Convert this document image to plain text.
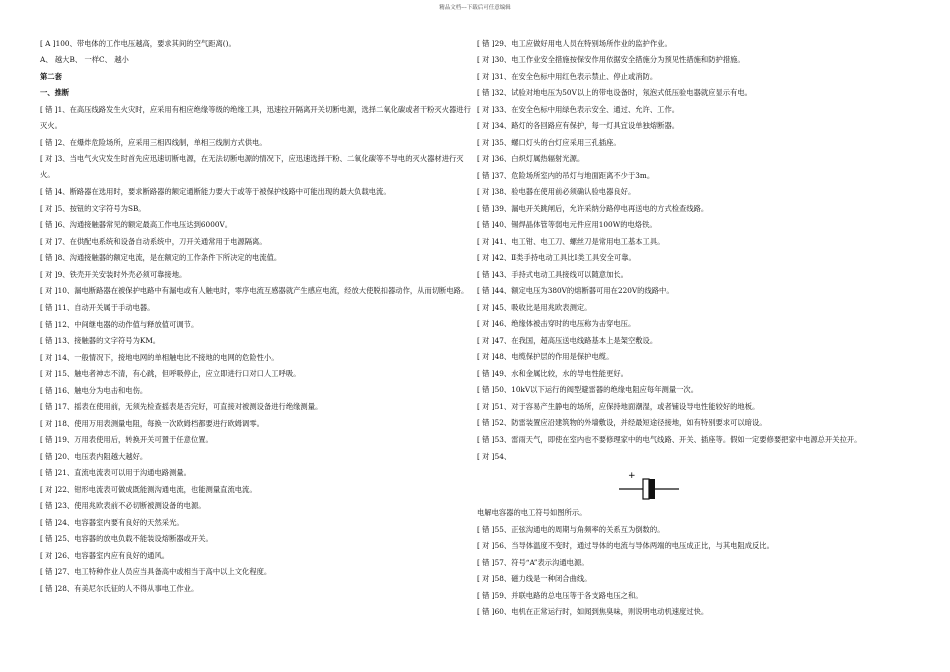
精品文档---下载后可任意编辑
[ A ]100、带电体的工作电压越高，要求其间的空气距离()。
A、 越大B、 一样C、 越小
第二套
一、推断
[ 错 ]1、在高压线路发生火灾时，应采用有相应绝缘等级的绝缘工具，迅速拉开隔离开关切断电源，选择二氧化碳或者干粉灭火器进行灭火。
[ 错 ]2、在爆炸危险场所，应采用三相四线制，单相三线制方式供电。
[ 对 ]3、当电气火灾发生时首先应迅速切断电源，在无法切断电源的情况下，应迅速选择干粉、二氧化碳等不导电的灭火器材进行灭火。
[ 错 ]4、断路器在选用时，要求断路器的额定通断能力要大于或等于被保护线路中可能出现的最大负载电流。
[ 对 ]5、按钮的文字符号为SB。
[ 错 ]6、沟通接触器常见的额定最高工作电压达到6000V。
[ 对 ]7、在供配电系统和设备自动系统中，刀开关通常用于电源隔离。
[ 错 ]8、沟通接触器的额定电流，是在额定的工作条件下所决定的电流值。
[ 对 ]9、铁壳开关安装时外壳必须可靠接地。
[ 对 ]10、漏电断路器在被保护电路中有漏电或有人触电时，零序电流互感器就产生感应电流，经放大使脱扣器动作，从而切断电路。
[ 错 ]11、自动开关属于手动电器。
[ 错 ]12、中间继电器的动作值与释放值可调节。
[ 错 ]13、接触器的文字符号为KM。
[ 对 ]14、一般情况下，接地电网的单相触电比不接地的电网的危险性小。
[ 对 ]15、触电者神志不清，有心跳，但呼吸停止，应立即进行口对口人工呼吸。
[ 错 ]16、触电分为电击和电伤。
[ 错 ]17、摇表在使用前，无须先检查摇表是否完好，可直接对被测设备进行绝缘测量。
[ 对 ]18、使用万用表测量电阻，每换一次欧姆档都要进行欧姆调零。
[ 错 ]19、万用表使用后，转换开关可置于任意位置。
[ 错 ]20、电压表内阻越大越好。
[ 错 ]21、直流电流表可以用于沟通电路测量。
[ 对 ]22、钳形电流表可做成既能测沟通电流，也能测量直流电流。
[ 错 ]23、使用兆欧表前不必切断被测设备的电源。
[ 错 ]24、电容器室内要有良好的天然采光。
[ 错 ]25、电容器的放电负载不能装设熔断器或开关。
[ 对 ]26、电容器室内应有良好的通风。
[ 错 ]27、电工特种作业人员应当具备高中或相当于高中以上文化程度。
[ 错 ]28、有美尼尔氏征的人不得从事电工作业。
[ 错 ]29、电工应做好用电人员在特别场所作业的监护作业。
[ 对 ]30、电工作业安全措施按保安作用依据安全措施分为预见性措施和防护措施。
[ 对 ]31、在安全色标中用红色表示禁止、停止或消防。
[ 错 ]32、试验对地电压为50V以上的带电设备时，氖泡式低压验电器就应显示有电。
[ 对 ]33、在安全色标中用绿色表示安全、通过、允许、工作。
[ 对 ]34、路灯的各回路应有保护，每一灯具宜设单独熔断器。
[ 对 ]35、螺口灯头的台灯应采用三孔插座。
[ 对 ]36、白炽灯属热辐射光源。
[ 错 ]37、危险场所室内的吊灯与地面距离不少于3m。
[ 对 ]38、验电器在使用前必须确认验电器良好。
[ 错 ]39、漏电开关跳闸后，允许采纳分路停电再送电的方式检查线路。
[ 错 ]40、锡焊晶体管等弱电元件应用100W的电烙铁。
[ 对 ]41、电工钳、电工刀、螺丝刀是常用电工基本工具。
[ 对 ]42、Ⅱ类手持电动工具比Ⅰ类工具安全可靠。
[ 错 ]43、手持式电动工具接线可以随意加长。
[ 错 ]44、额定电压为380V的熔断器可用在220V的线路中。
[ 对 ]45、吸收比是用兆欧表测定。
[ 对 ]46、绝缘体被击穿时的电压称为击穿电压。
[ 对 ]47、在我国，超高压送电线路基本上是架空敷设。
[ 对 ]48、电缆保护层的作用是保护电缆。
[ 错 ]49、水和金属比较，水的导电性能更好。
[ 错 ]50、10kV以下运行的阀型避雷器的绝缘电阻应每年测量一次。
[ 对 ]51、对于容易产生静电的场所，应保持地面潮湿，或者铺设导电性能较好的地板。
[ 错 ]52、防雷装置应沿建筑物的外墙敷设，并经最短途径接地，如有特别要求可以暗设。
[ 错 ]53、雷雨天气，即使在室内也不要修理家中的电气线路、开关、插座等。假如一定要修要把家中电源总开关拉开。
[ 对 ]54、
+
电解电容器的电工符号如图所示。
[ 错 ]55、正弦沟通电的周期与角频率的关系互为倒数的。
[ 对 ]56、当导体温度不变时，通过导体的电流与导体两端的电压成正比，与其电阻成反比。
[ 错 ]57、符号“A”表示沟通电源。
[ 对 ]58、磁力线是一种闭合曲线。
[ 错 ]59、并联电路的总电压等于各支路电压之和。
[ 错 ]60、电机在正常运行时，如闻到焦臭味，则说明电动机速度过快。
